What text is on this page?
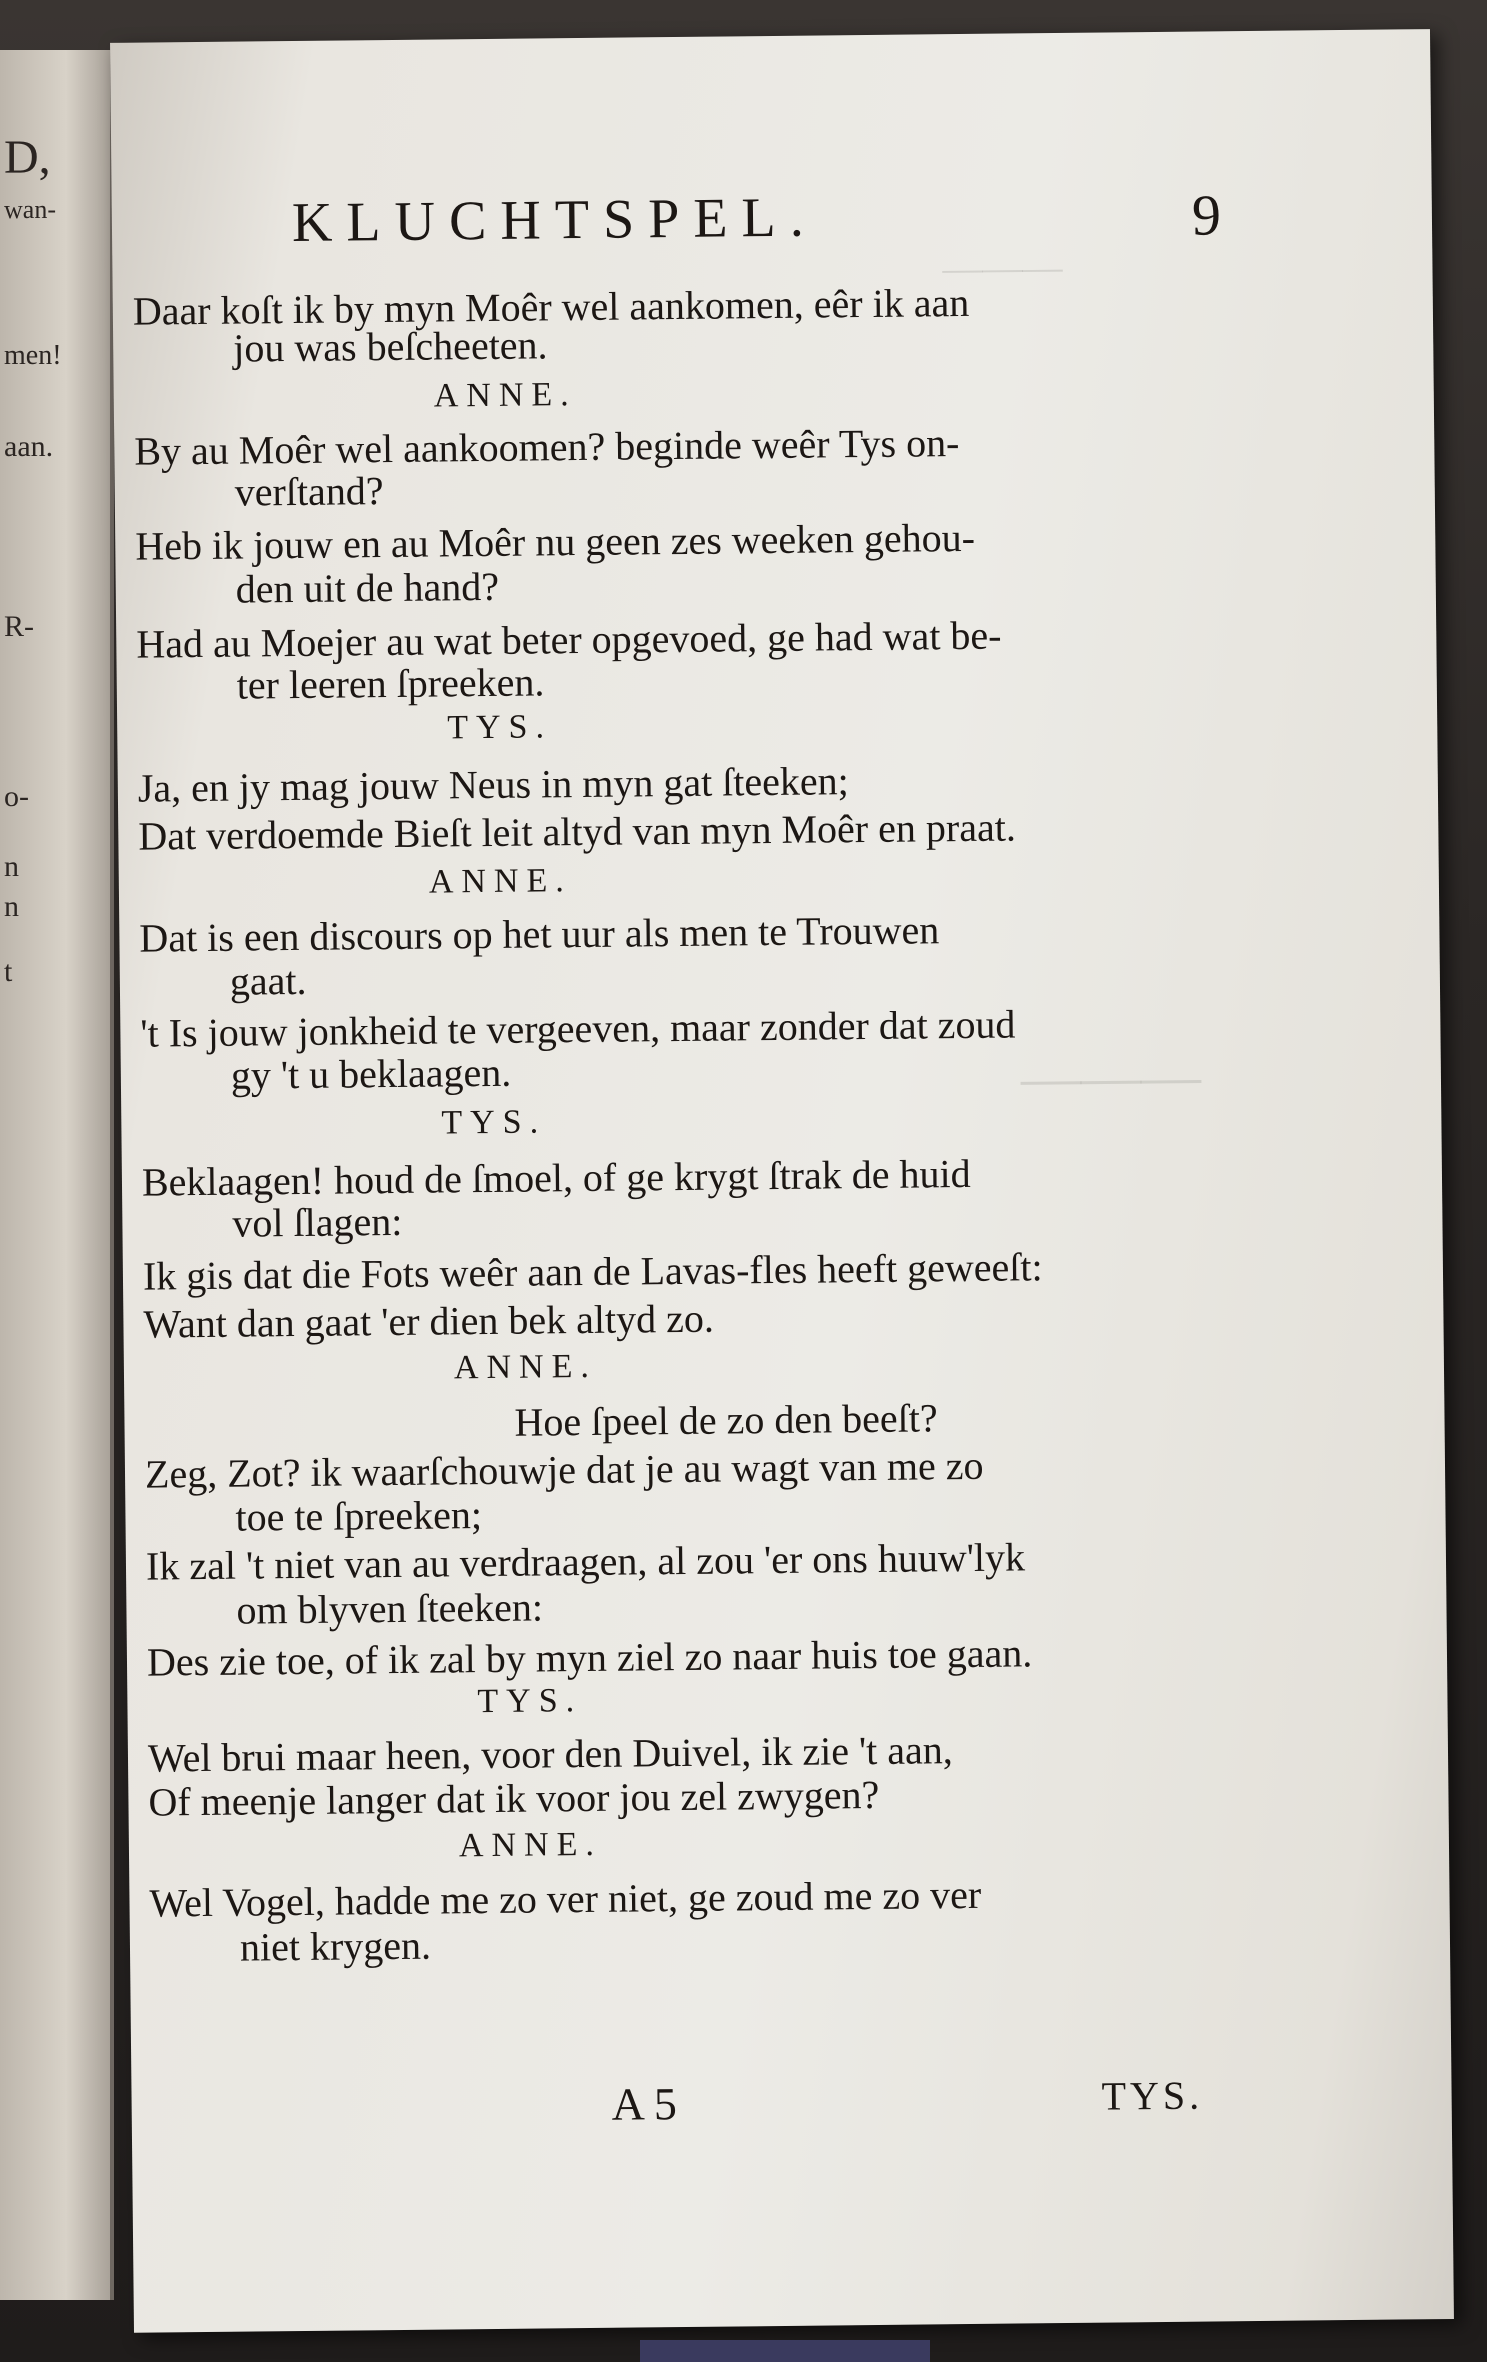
D,
wan-
men!
aan.
R-
o-
n
n
t
———
———
KLUCHTSPEL.	9
Daar koſt ik by myn Moêr wel aankomen, eêr ik aan
jou was beſcheeten.
ANNE.
By au Moêr wel aankoomen? beginde weêr Tys on-
verſtand?
Heb ik jouw en au Moêr nu geen zes weeken gehou-
den uit de hand?
Had au Moejer au wat beter opgevoed, ge had wat be-
ter leeren ſpreeken.
TYS.
Ja, en jy mag jouw Neus in myn gat ſteeken;
Dat verdoemde Bieſt leit altyd van myn Moêr en praat.
ANNE.
Dat is een discours op het uur als men te Trouwen
gaat.
't Is jouw jonkheid te vergeeven, maar zonder dat zoud
gy 't u beklaagen.
TYS.
Beklaagen! houd de ſmoel, of ge krygt ſtrak de huid
vol ſlagen:
Ik gis dat die Fots weêr aan de Lavas-fles heeft geweeſt:
Want dan gaat 'er dien bek altyd zo.
ANNE.
Hoe ſpeel de zo den beeſt?
Zeg, Zot? ik waarſchouwje dat je au wagt van me zo
toe te ſpreeken;
Ik zal 't niet van au verdraagen, al zou 'er ons huuw'lyk
om blyven ſteeken:
Des zie toe, of ik zal by myn ziel zo naar huis toe gaan.
TYS.
Wel brui maar heen, voor den Duivel, ik zie 't aan,
Of meenje langer dat ik voor jou zel zwygen?
ANNE.
Wel Vogel, hadde me zo ver niet, ge zoud me zo ver
niet krygen.
A 5	TYS.
